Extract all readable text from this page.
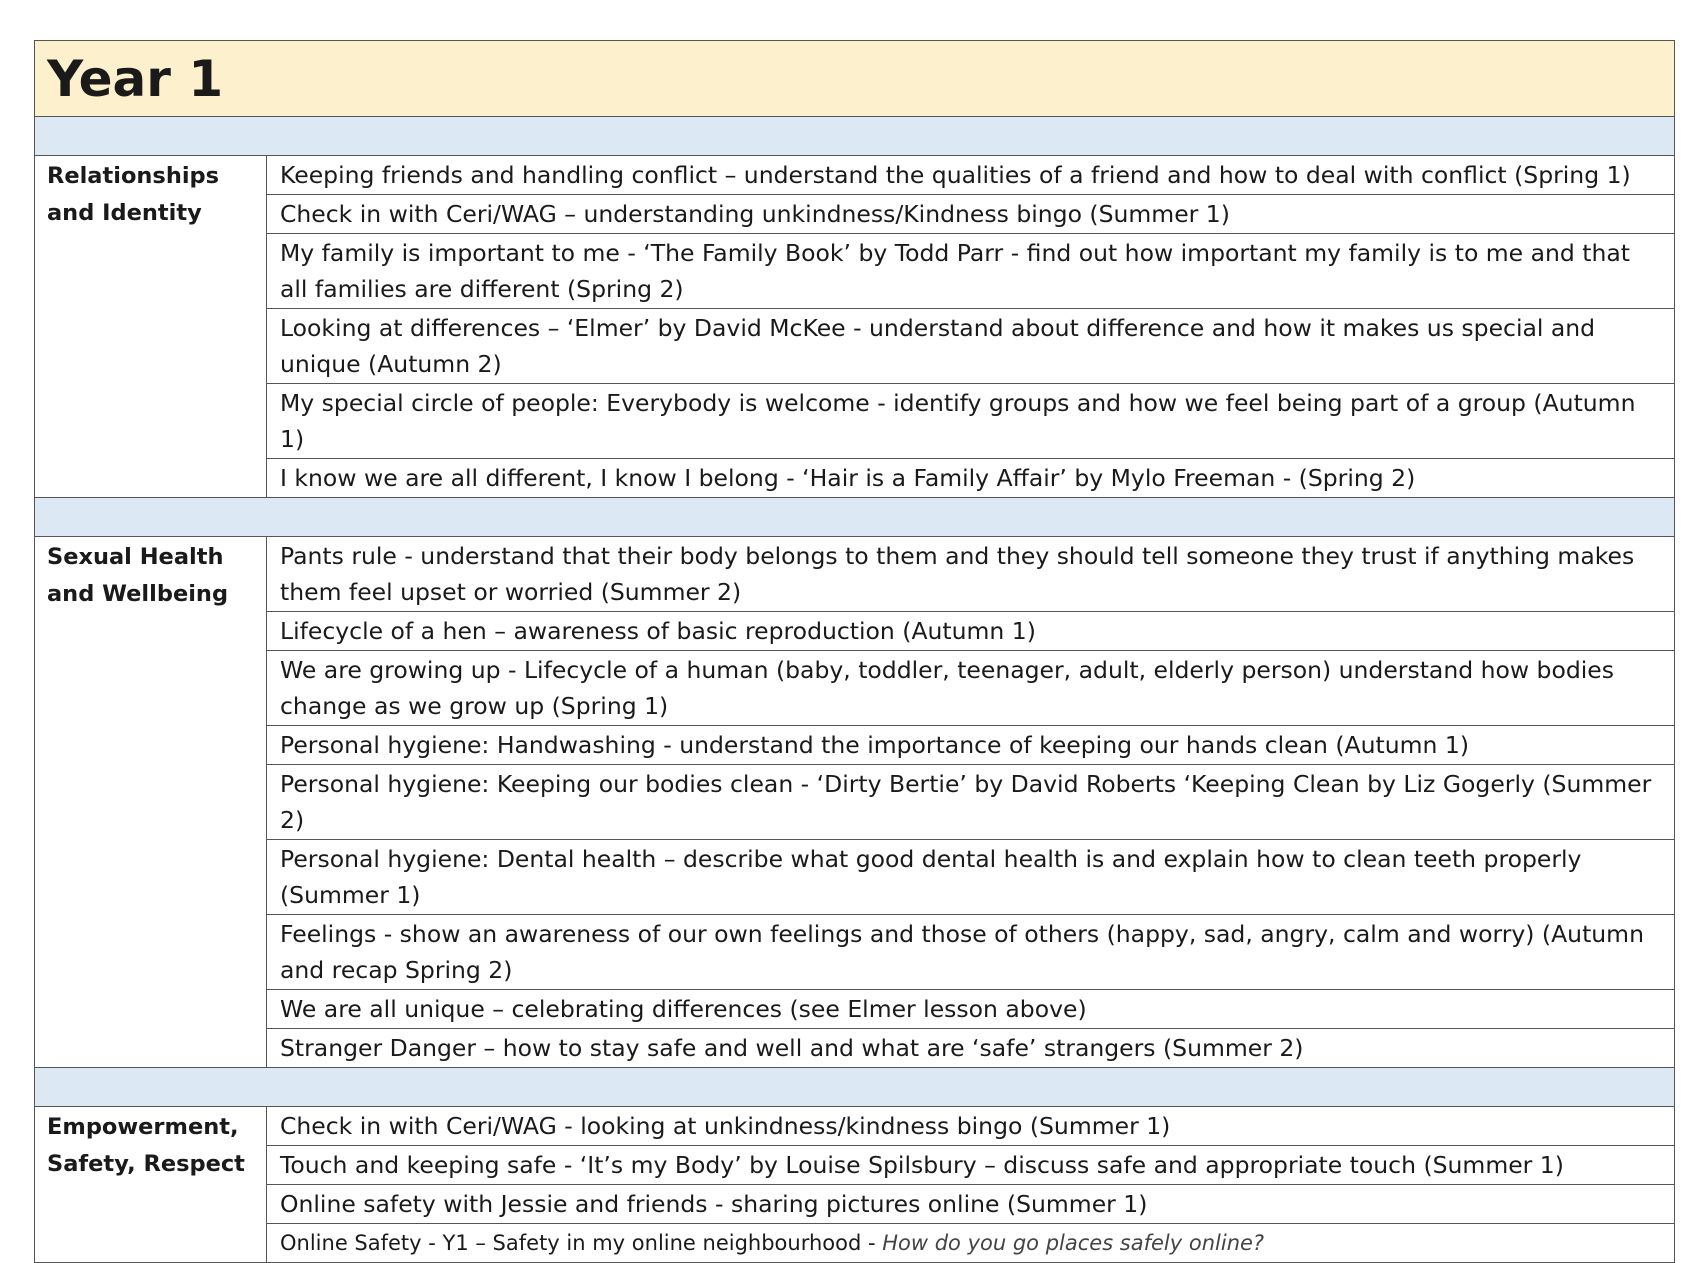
Year 1	

Relationships and Identity	Keeping friends and handling conflict – understand the qualities of a friend and how to deal with conflict (Spring 1)
	Check in with Ceri/WAG – understanding unkindness/Kindness bingo (Summer 1)
	My family is important to me - ‘The Family Book’ by Todd Parr - find out how important my family is to me and that all families are different (Spring 2)
	Looking at differences – ‘Elmer’ by David McKee - understand about difference and how it makes us special and unique (Autumn 2)
	My special circle of people: Everybody is welcome - identify groups and how we feel being part of a group (Autumn 1)
	I know we are all different, I know I belong - ‘Hair is a Family Affair’ by Mylo Freeman - (Spring 2)

Sexual Health and Wellbeing	Pants rule - understand that their body belongs to them and they should tell someone they trust if anything makes them feel upset or worried (Summer 2)
	Lifecycle of a hen – awareness of basic reproduction (Autumn 1)
	We are growing up - Lifecycle of a human (baby, toddler, teenager, adult, elderly person) understand how bodies change as we grow up (Spring 1)
	Personal hygiene: Handwashing - understand the importance of keeping our hands clean (Autumn 1)
	Personal hygiene: Keeping our bodies clean - ‘Dirty Bertie’ by David Roberts ‘Keeping Clean by Liz Gogerly (Summer 2)
	Personal hygiene: Dental health – describe what good dental health is and explain how to clean teeth properly (Summer 1)
	Feelings - show an awareness of our own feelings and those of others (happy, sad, angry, calm and worry) (Autumn and recap Spring 2)
	We are all unique – celebrating differences (see Elmer lesson above)
	Stranger Danger – how to stay safe and well and what are ‘safe’ strangers (Summer 2)

Empowerment, Safety, Respect	Check in with Ceri/WAG - looking at unkindness/kindness bingo (Summer 1)
	Touch and keeping safe - ‘It’s my Body’ by Louise Spilsbury – discuss safe and appropriate touch (Summer 1)
	Online safety with Jessie and friends - sharing pictures online (Summer 1)
	Online Safety - Y1 – Safety in my online neighbourhood - How do you go places safely online?
